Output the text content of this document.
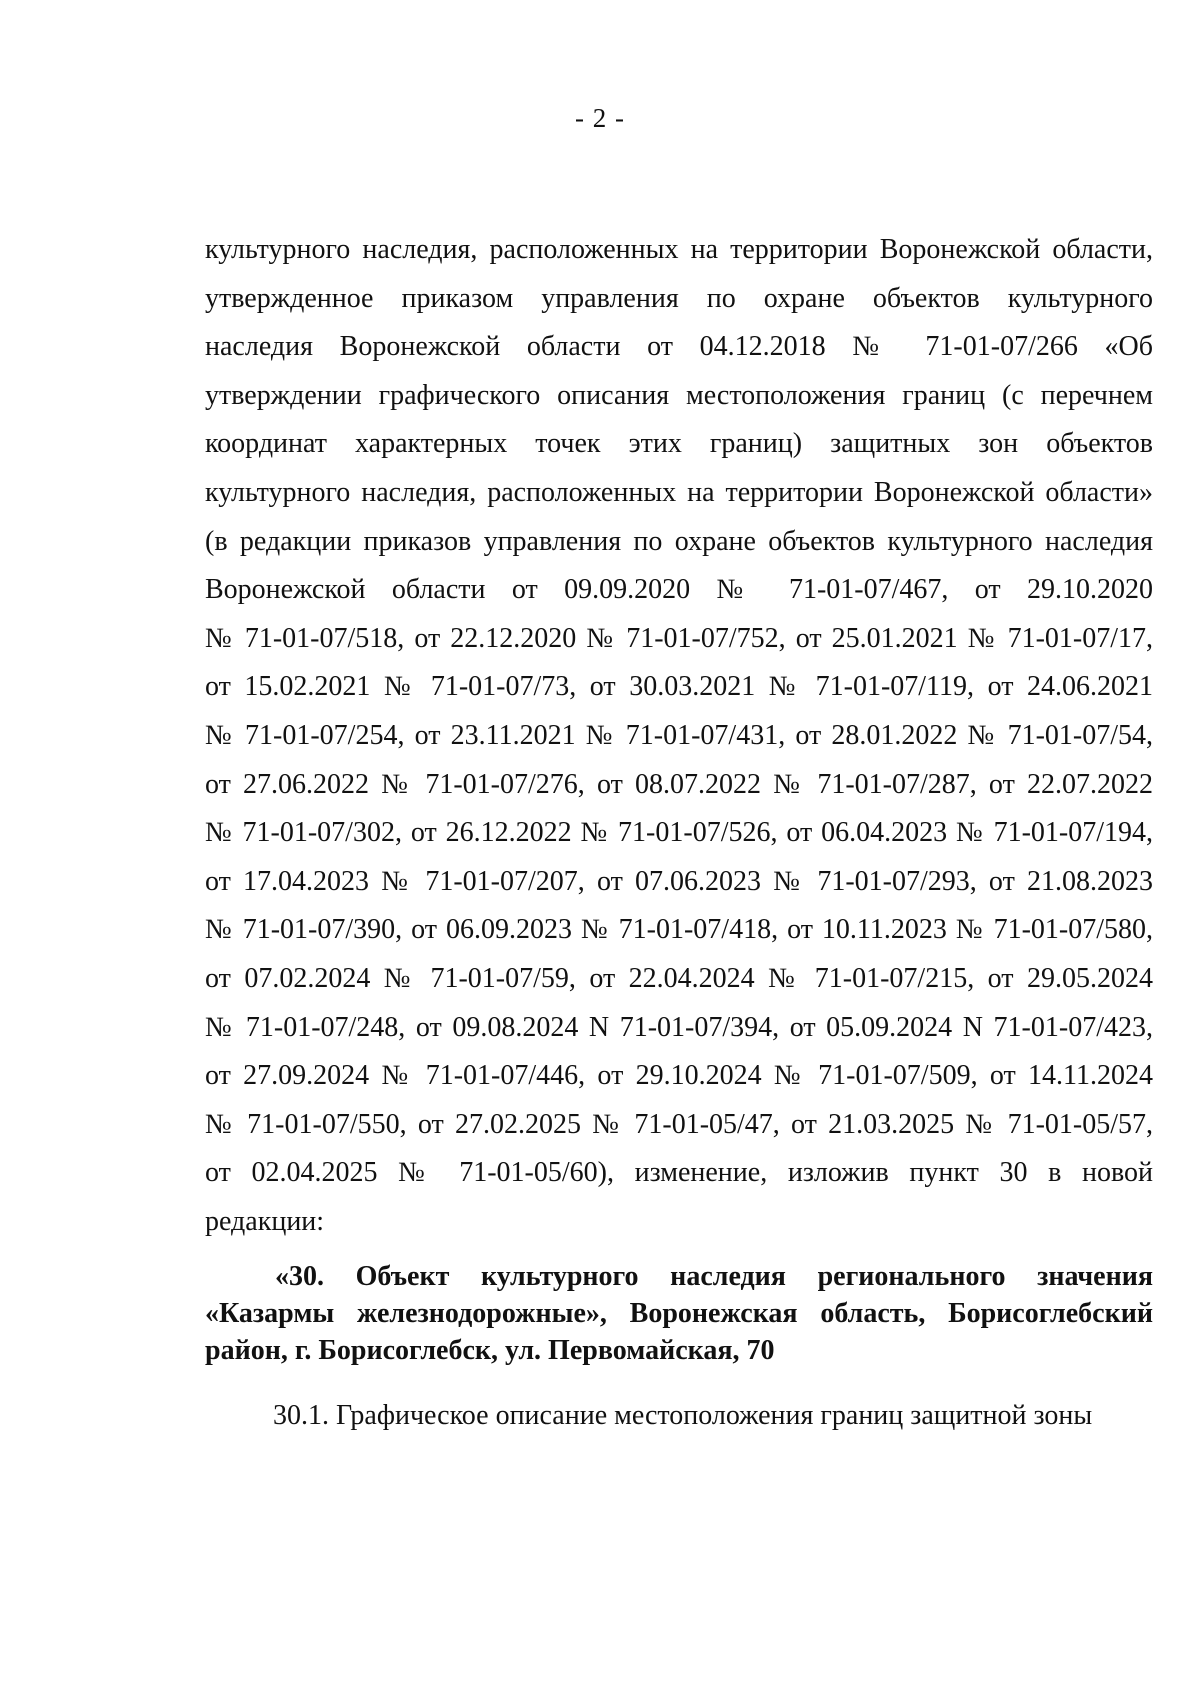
- 2 -
культурного наследия, расположенных на территории Воронежской области,
утвержденное приказом управления по охране объектов культурного
наследия Воронежской области от 04.12.2018 № 71-01-07/266 «Об
утверждении графического описания местоположения границ (с перечнем
координат характерных точек этих границ) защитных зон объектов
культурного наследия, расположенных на территории Воронежской области»
(в редакции приказов управления по охране объектов культурного наследия
Воронежской области от 09.09.2020 № 71-01-07/467, от 29.10.2020
№ 71-01-07/518, от 22.12.2020 № 71-01-07/752, от 25.01.2021 № 71-01-07/17,
от 15.02.2021 № 71-01-07/73, от 30.03.2021 № 71-01-07/119, от 24.06.2021
№ 71-01-07/254, от 23.11.2021 № 71-01-07/431, от 28.01.2022 № 71-01-07/54,
от 27.06.2022 № 71-01-07/276, от 08.07.2022 № 71-01-07/287, от 22.07.2022
№ 71-01-07/302, от 26.12.2022 № 71-01-07/526, от 06.04.2023 № 71-01-07/194,
от 17.04.2023 № 71-01-07/207, от 07.06.2023 № 71-01-07/293, от 21.08.2023
№ 71-01-07/390, от 06.09.2023 № 71-01-07/418, от 10.11.2023 № 71-01-07/580,
от 07.02.2024 № 71-01-07/59, от 22.04.2024 № 71-01-07/215, от 29.05.2024
№ 71-01-07/248, от 09.08.2024 N 71-01-07/394, от 05.09.2024 N 71-01-07/423,
от 27.09.2024 № 71-01-07/446, от 29.10.2024 № 71-01-07/509, от 14.11.2024
№ 71-01-07/550, от 27.02.2025 № 71-01-05/47, от 21.03.2025 № 71-01-05/57,
от 02.04.2025 № 71-01-05/60), изменение, изложив пункт 30 в новой
редакции:
«30. Объект культурного наследия регионального значения
«Казармы железнодорожные», Воронежская область, Борисоглебский
район, г. Борисоглебск, ул. Первомайская, 70
30.1. Графическое описание местоположения границ защитной зоны
